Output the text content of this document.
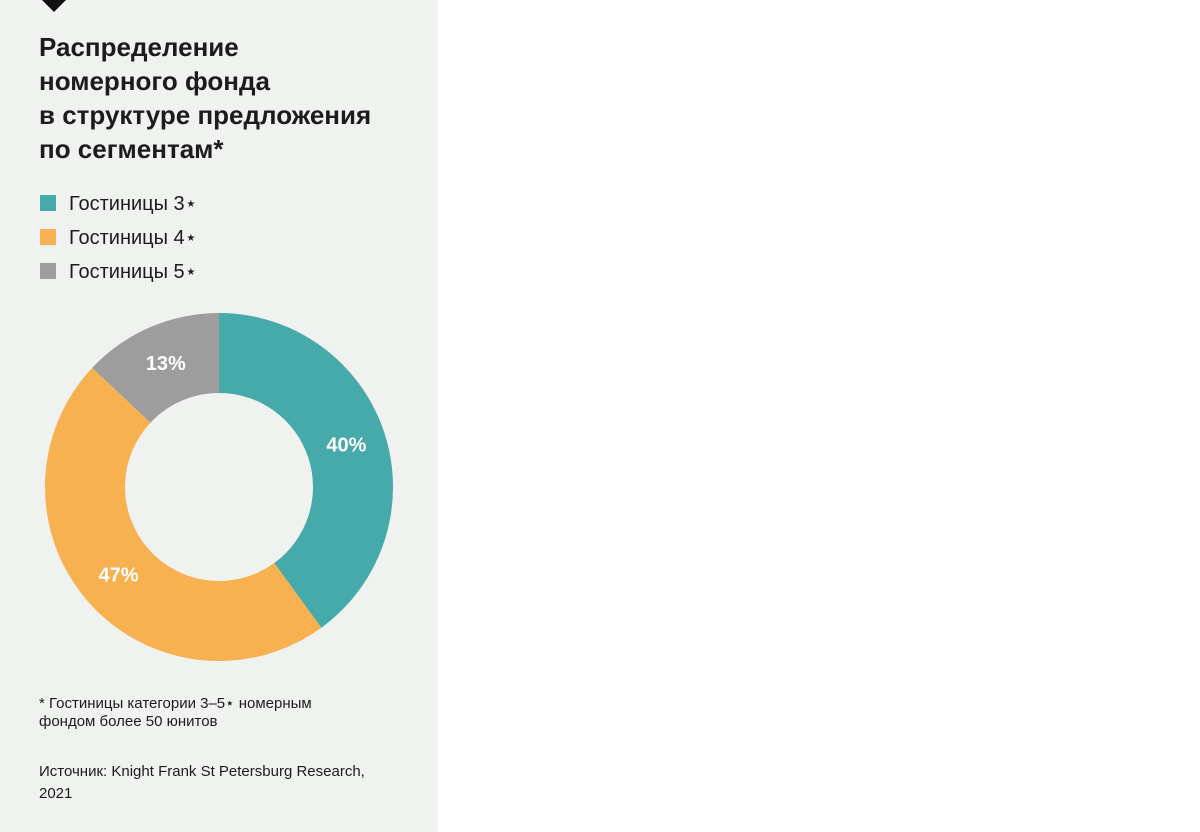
Распределение
номерного фонда
в структуре предложения
по сегментам*
Гостиницы 3⋆
Гостиницы 4⋆
Гостиницы 5⋆
40%
47%
13%
* Гостиницы категории 3–5⋆ номерным
фондом более 50 юнитов
Источник: Knight Frank St Petersburg Research,
2021
